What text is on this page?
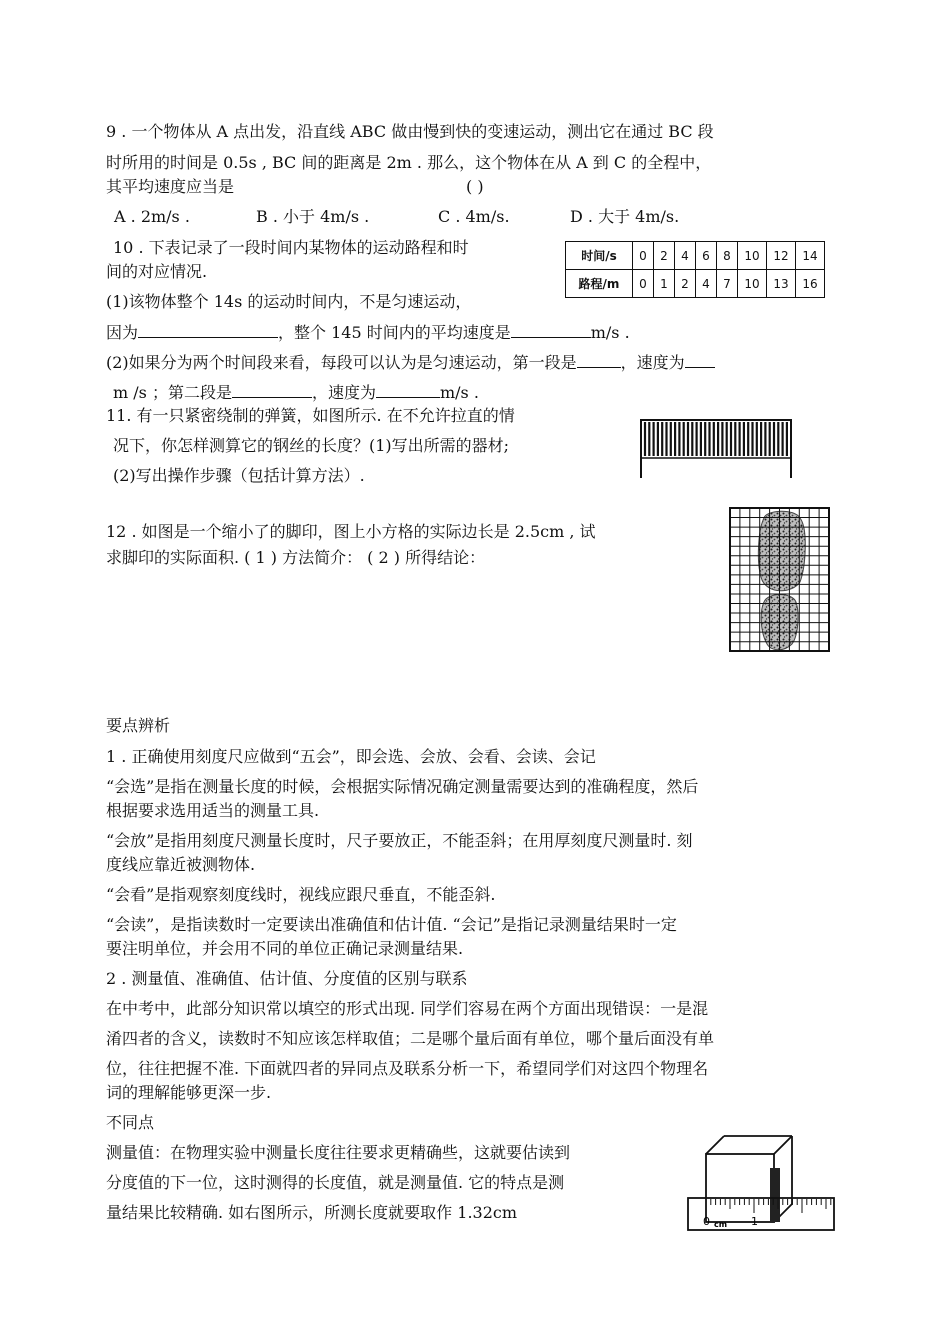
9 . 一个物体从 A 点出发，沿直线 ABC 做由慢到快的变速运动，测出它在通过 BC 段
时所用的时间是 0.5s , BC 间的距离是 2m . 那么，这个物体在从 A 到 C 的全程中，
其平均速度应当是	( )
A . 2m/s .	B . 小于 4m/s .	C . 4m/s.	D . 大于 4m/s.
10 . 下表记录了一段时间内某物体的运动路程和时
间的对应情况.
时间/s	0	2	4	6	8	10	12	14
路程/m	0	1	2	4	7	10	13	16
(1)该物体整个 14s 的运动时间内，不是匀速运动，
因为	，整个 145 时间内的平均速度是	m/s .
(2)如果分为两个时间段来看，每段可以认为是匀速运动，第一段是	，速度为
m /s ；第二段是	，速度为	m/s .
11. 有一只紧密绕制的弹簧，如图所示. 在不允许拉直的情
况下，你怎样测算它的钢丝的长度？(1)写出所需的器材;
(2)写出操作步骤（包括计算方法）.
12 . 如图是一个缩小了的脚印，图上小方格的实际边长是 2.5cm , 试
求脚印的实际面积. ( 1 ) 方法简介： ( 2 ) 所得结论：
要点辨析
1 . 正确使用刻度尺应做到“五会”，即会选、会放、会看、会读、会记
“会选”是指在测量长度的时候，会根据实际情况确定测量需要达到的准确程度，然后
根据要求选用适当的测量工具.
“会放”是指用刻度尺测量长度时，尺子要放正，不能歪斜；在用厚刻度尺测量时. 刻
度线应靠近被测物体.
“会看”是指观察刻度线时，视线应跟尺垂直，不能歪斜.
“会读”，是指读数时一定要读出准确值和估计值. “会记”是指记录测量结果时一定
要注明单位，并会用不同的单位正确记录测量结果.
2 . 测量值、准确值、估计值、分度值的区别与联系
在中考中，此部分知识常以填空的形式出现. 同学们容易在两个方面出现错误：一是混
淆四者的含义，读数时不知应该怎样取值；二是哪个量后面有单位，哪个量后面没有单
位，往往把握不准. 下面就四者的异同点及联系分析一下，希望同学们对这四个物理名
词的理解能够更深一步.
不同点
测量值：在物理实验中测量长度往往要求更精确些，这就要估读到
分度值的下一位，这时测得的长度值，就是测量值. 它的特点是测
量结果比较精确. 如右图所示，所测长度就要取作 1.32cm	0 cm 1
